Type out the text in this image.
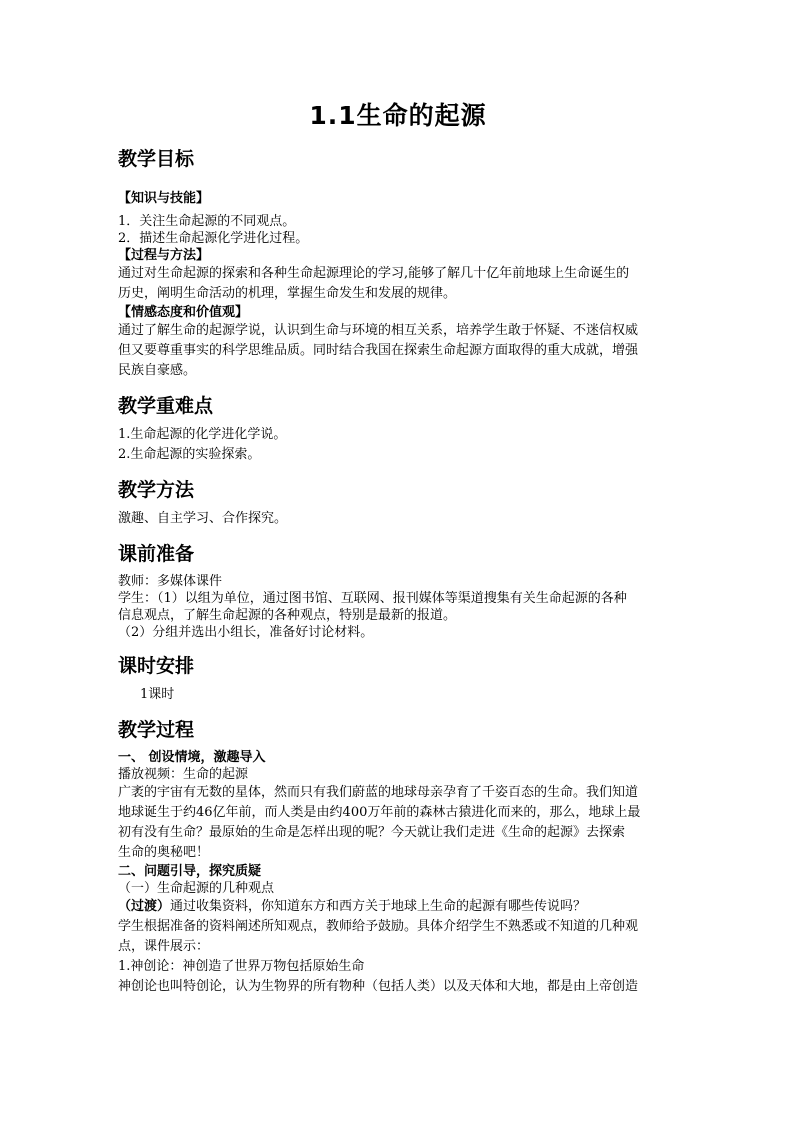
1.1生命的起源
教学目标
【知识与技能】
1．关注生命起源的不同观点。
2．描述生命起源化学进化过程。
【过程与方法】
通过对生命起源的探索和各种生命起源理论的学习,能够了解几十亿年前地球上生命诞生的
历史，阐明生命活动的机理，掌握生命发生和发展的规律。
【情感态度和价值观】
通过了解生命的起源学说，认识到生命与环境的相互关系，培养学生敢于怀疑、不迷信权威
但又要尊重事实的科学思维品质。同时结合我国在探索生命起源方面取得的重大成就，增强
民族自豪感。
教学重难点
1.生命起源的化学进化学说。
2.生命起源的实验探索。
教学方法
激趣、自主学习、合作探究。
课前准备
教师：多媒体课件
学生：（1）以组为单位，通过图书馆、互联网、报刊媒体等渠道搜集有关生命起源的各种
信息观点，了解生命起源的各种观点，特别是最新的报道。
（2）分组并选出小组长，准备好讨论材料。
课时安排
1课时
教学过程
一、 创设情境，激趣导入
播放视频：生命的起源
广袤的宇宙有无数的星体，然而只有我们蔚蓝的地球母亲孕育了千姿百态的生命。我们知道
地球诞生于约46亿年前，而人类是由约400万年前的森林古猿进化而来的，那么，地球上最
初有没有生命？最原始的生命是怎样出现的呢？今天就让我们走进《生命的起源》去探索
生命的奥秘吧！
二、问题引导，探究质疑
（一）生命起源的几种观点
（过渡）通过收集资料，你知道东方和西方关于地球上生命的起源有哪些传说吗？
学生根据准备的资料阐述所知观点，教师给予鼓励。具体介绍学生不熟悉或不知道的几种观
点，课件展示：
1.神创论：神创造了世界万物包括原始生命
神创论也叫特创论，认为生物界的所有物种（包括人类）以及天体和大地，都是由上帝创造
